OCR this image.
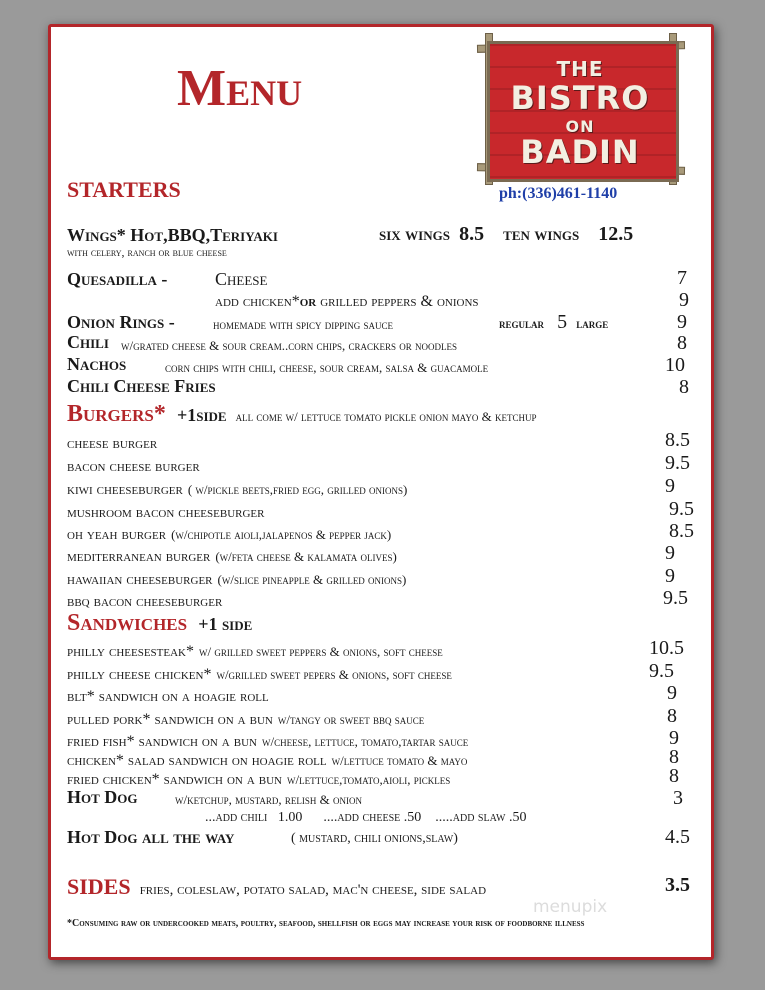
Menu	THE
BISTRO
ON
BADIN
ph:(336)461-1140
STARTERS
Wings* Hot,BBQ,Teriyaki
with celery, ranch or blue cheese
six wings 8.5 ten wings 12.5
Quesadilla -	Cheese	7
add chicken*or grilled peppers & onions	9
Onion Rings -	homemade with spicy dipping sauce	regular 5 large	9
Chili w/grated cheese & sour cream..corn chips, crackers or noodles	8
Nachos	corn chips with chili, cheese, sour cream, salsa & guacamole	10
Chili Cheese Fries	8
Burgers* +1side all come w/ lettuce tomato pickle onion mayo & ketchup
cheese burger	8.5
bacon cheese burger	9.5
kiwi cheeseburger ( w/pickle beets,fried egg, grilled onions)	9
mushroom bacon cheeseburger	9.5
oh yeah burger (w/chipotle aioli,jalapenos & pepper jack)	8.5
mediterranean burger (w/feta cheese & kalamata olives)	9
hawaiian cheeseburger (w/slice pineapple & grilled onions)	9
bbq bacon cheeseburger	9.5
Sandwiches +1 side
philly cheesesteak* w/ grilled sweet peppers & onions, soft cheese	10.5
philly cheese chicken* w/grilled sweet pepers & onions, soft cheese	9.5
blt* sandwich on a hoagie roll	9
pulled pork* sandwich on a bun w/tangy or sweet bbq sauce	8
fried fish* sandwich on a bun w/cheese, lettuce, tomato,tartar sauce	9
chicken* salad sandwich on hoagie roll w/lettuce tomato & mayo	8
fried chicken* sandwich on a bun w/lettuce,tomato,aioli, pickles	8
Hot Dog	w/ketchup, mustard, relish & onion	3
...add chili   1.00      ....add cheese .50    .....add slaw .50
Hot Dog all the way	( mustard, chili onions,slaw)	4.5
SIDES fries, coleslaw, potato salad, mac'n cheese, side salad	3.5
menupix
*Consuming raw or undercooked meats, poultry, seafood, shellfish or eggs may increase your risk of foodborne illness
